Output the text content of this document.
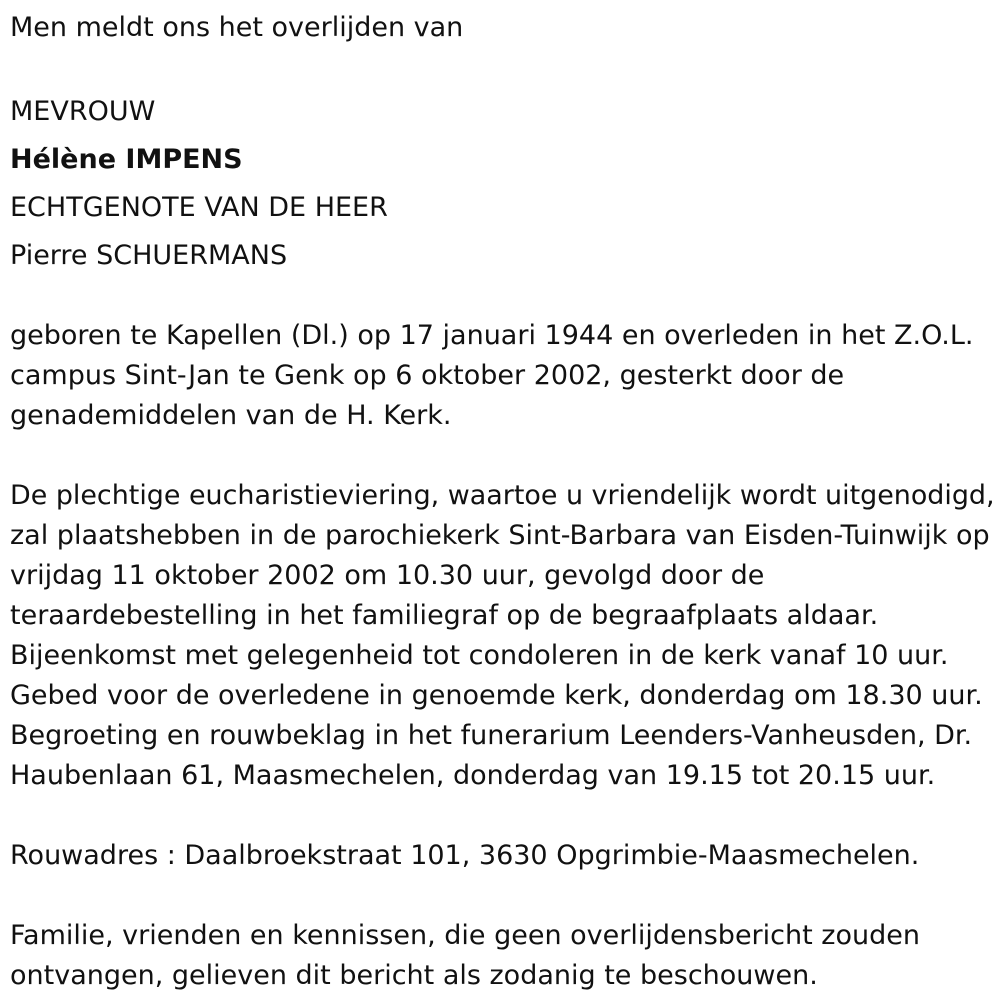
Men meldt ons het overlijden van
MEVROUW
Hélène IMPENS
ECHTGENOTE VAN DE HEER
Pierre SCHUERMANS
geboren te Kapellen (Dl.) op 17 januari 1944 en overleden in het Z.O.L.
campus Sint-Jan te Genk op 6 oktober 2002, gesterkt door de
genademiddelen van de H. Kerk.
De plechtige eucharistieviering, waartoe u vriendelijk wordt uitgenodigd,
zal plaatshebben in de parochiekerk Sint-Barbara van Eisden-Tuinwijk op
vrijdag 11 oktober 2002 om 10.30 uur, gevolgd door de
teraardebestelling in het familiegraf op de begraafplaats aldaar.
Bijeenkomst met gelegenheid tot condoleren in de kerk vanaf 10 uur.
Gebed voor de overledene in genoemde kerk, donderdag om 18.30 uur.
Begroeting en rouwbeklag in het funerarium Leenders-Vanheusden, Dr.
Haubenlaan 61, Maasmechelen, donderdag van 19.15 tot 20.15 uur.
Rouwadres : Daalbroekstraat 101, 3630 Opgrimbie-Maasmechelen.
Familie, vrienden en kennissen, die geen overlijdensbericht zouden
ontvangen, gelieven dit bericht als zodanig te beschouwen.
